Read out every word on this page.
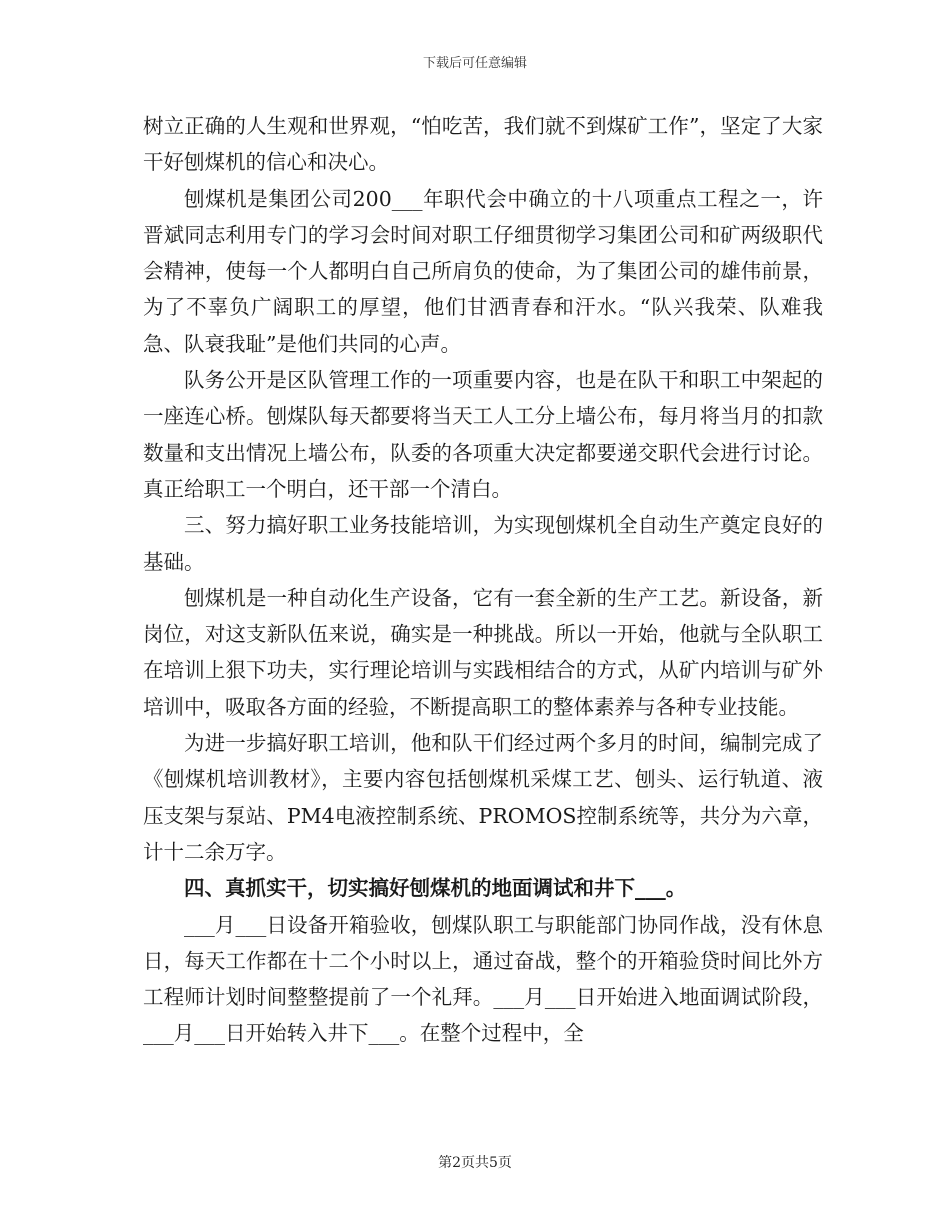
下载后可任意编辑

树立正确的人生观和世界观，“怕吃苦，我们就不到煤矿工作”，坚定了大家干好刨煤机的信心和决心。

刨煤机是集团公司200___年职代会中确立的十八项重点工程之一，许晋斌同志利用专门的学习会时间对职工仔细贯彻学习集团公司和矿两级职代会精神，使每一个人都明白自己所肩负的使命，为了集团公司的雄伟前景，为了不辜负广阔职工的厚望，他们甘洒青春和汗水。“队兴我荣、队难我急、队衰我耻”是他们共同的心声。

队务公开是区队管理工作的一项重要内容，也是在队干和职工中架起的一座连心桥。刨煤队每天都要将当天工人工分上墙公布，每月将当月的扣款数量和支出情况上墙公布，队委的各项重大决定都要递交职代会进行讨论。真正给职工一个明白，还干部一个清白。

三、努力搞好职工业务技能培训，为实现刨煤机全自动生产奠定良好的基础。

刨煤机是一种自动化生产设备，它有一套全新的生产工艺。新设备，新岗位，对这支新队伍来说，确实是一种挑战。所以一开始，他就与全队职工在培训上狠下功夫，实行理论培训与实践相结合的方式，从矿内培训与矿外培训中，吸取各方面的经验，不断提高职工的整体素养与各种专业技能。

为进一步搞好职工培训，他和队干们经过两个多月的时间，编制完成了《刨煤机培训教材》，主要内容包括刨煤机采煤工艺、刨头、运行轨道、液压支架与泵站、PM4电液控制系统、PROMOS控制系统等，共分为六章，计十二余万字。

四、真抓实干，切实搞好刨煤机的地面调试和井下___。

___月___日设备开箱验收，刨煤队职工与职能部门协同作战，没有休息日，每天工作都在十二个小时以上，通过奋战，整个的开箱验贷时间比外方工程师计划时间整整提前了一个礼拜。___月___日开始进入地面调试阶段，___月___日开始转入井下___。在整个过程中，全

第2页共5页
